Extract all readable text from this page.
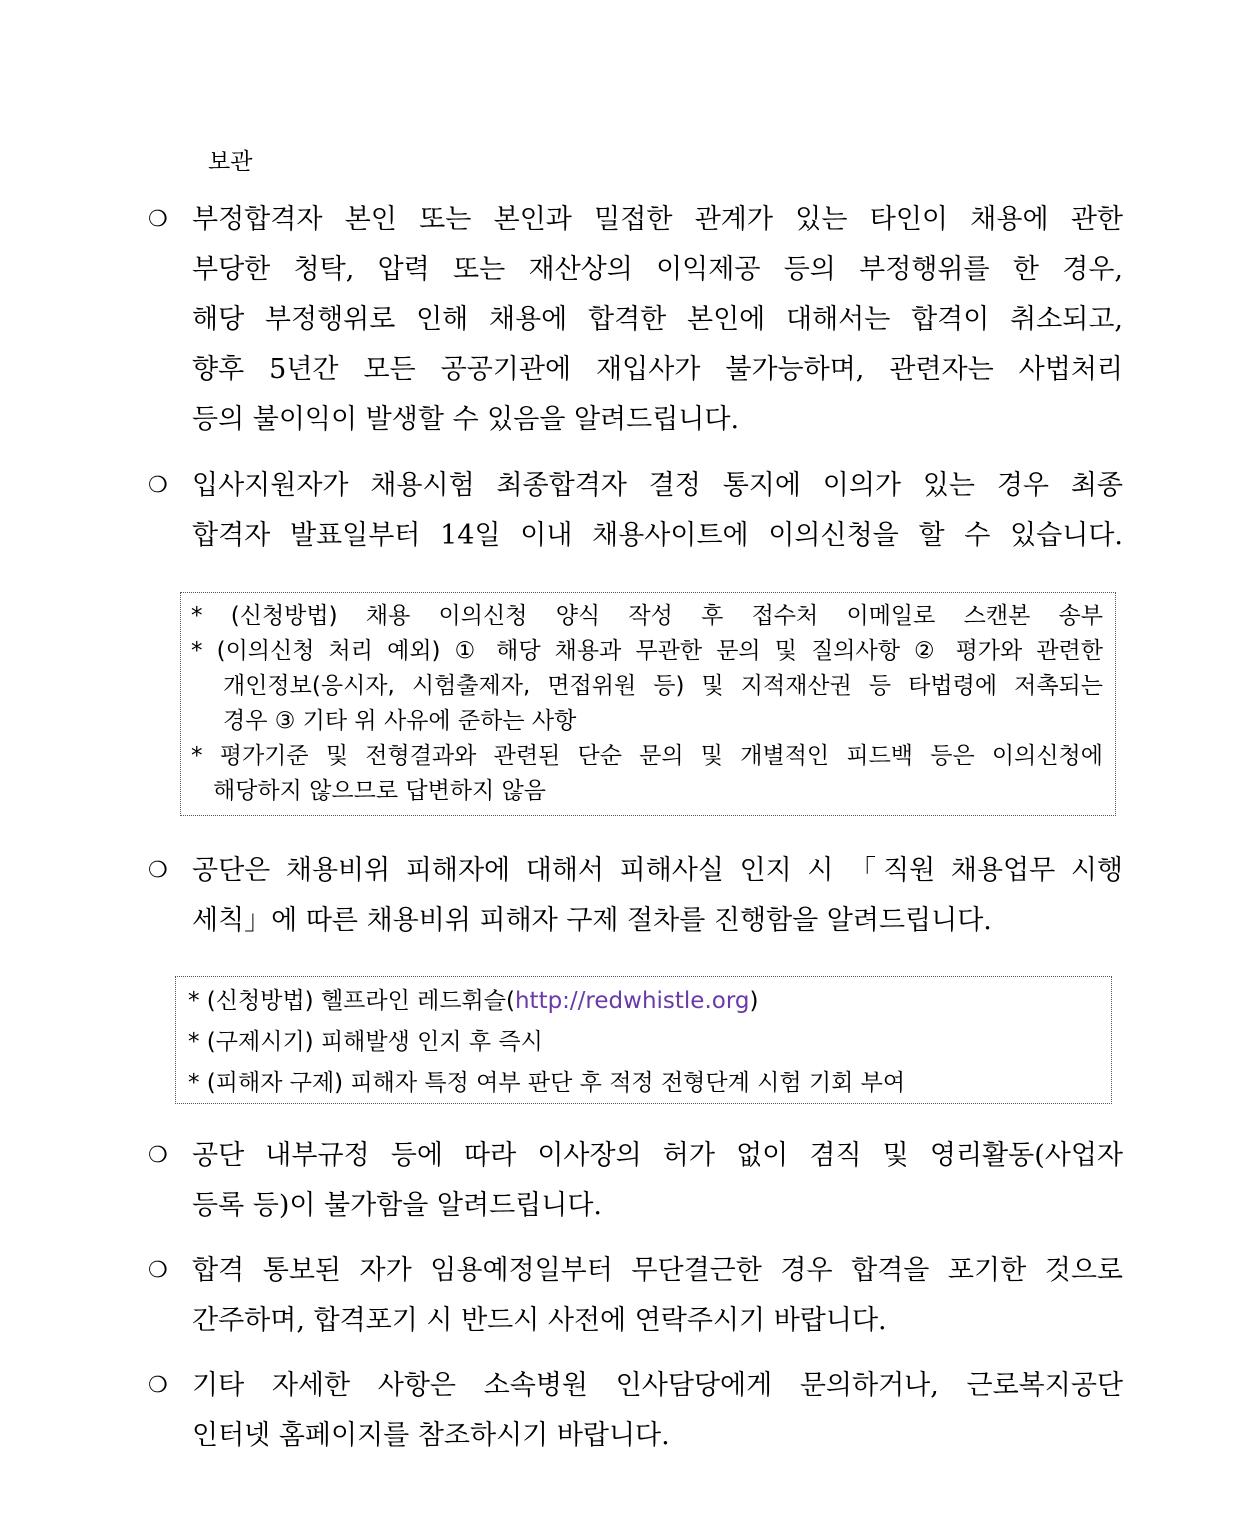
보관
❍ 부정합격자 본인 또는 본인과 밀접한 관계가 있는 타인이 채용에 관한
부당한 청탁, 압력 또는 재산상의 이익제공 등의 부정행위를 한 경우,
해당 부정행위로 인해 채용에 합격한 본인에 대해서는 합격이 취소되고,
향후 5년간 모든 공공기관에 재입사가 불가능하며, 관련자는 사법처리
등의 불이익이 발생할 수 있음을 알려드립니다.
❍ 입사지원자가 채용시험 최종합격자 결정 통지에 이의가 있는 경우 최종
합격자 발표일부터 14일 이내 채용사이트에 이의신청을 할 수 있습니다.
* (신청방법) 채용 이의신청 양식 작성 후 접수처 이메일로 스캔본 송부
* (이의신청 처리 예외) ① 해당 채용과 무관한 문의 및 질의사항 ② 평가와 관련한
개인정보(응시자, 시험출제자, 면접위원 등) 및 지적재산권 등 타법령에 저촉되는
경우 ③ 기타 위 사유에 준하는 사항
* 평가기준 및 전형결과와 관련된 단순 문의 및 개별적인 피드백 등은 이의신청에
해당하지 않으므로 답변하지 않음
❍ 공단은 채용비위 피해자에 대해서 피해사실 인지 시 「직원 채용업무 시행
세칙」에 따른 채용비위 피해자 구제 절차를 진행함을 알려드립니다.
* (신청방법) 헬프라인 레드휘슬(http://redwhistle.org)
* (구제시기) 피해발생 인지 후 즉시
* (피해자 구제) 피해자 특정 여부 판단 후 적정 전형단계 시험 기회 부여
❍ 공단 내부규정 등에 따라 이사장의 허가 없이 겸직 및 영리활동(사업자
등록 등)이 불가함을 알려드립니다.
❍ 합격 통보된 자가 임용예정일부터 무단결근한 경우 합격을 포기한 것으로
간주하며, 합격포기 시 반드시 사전에 연락주시기 바랍니다.
❍ 기타 자세한 사항은 소속병원 인사담당에게 문의하거나, 근로복지공단
인터넷 홈페이지를 참조하시기 바랍니다.
